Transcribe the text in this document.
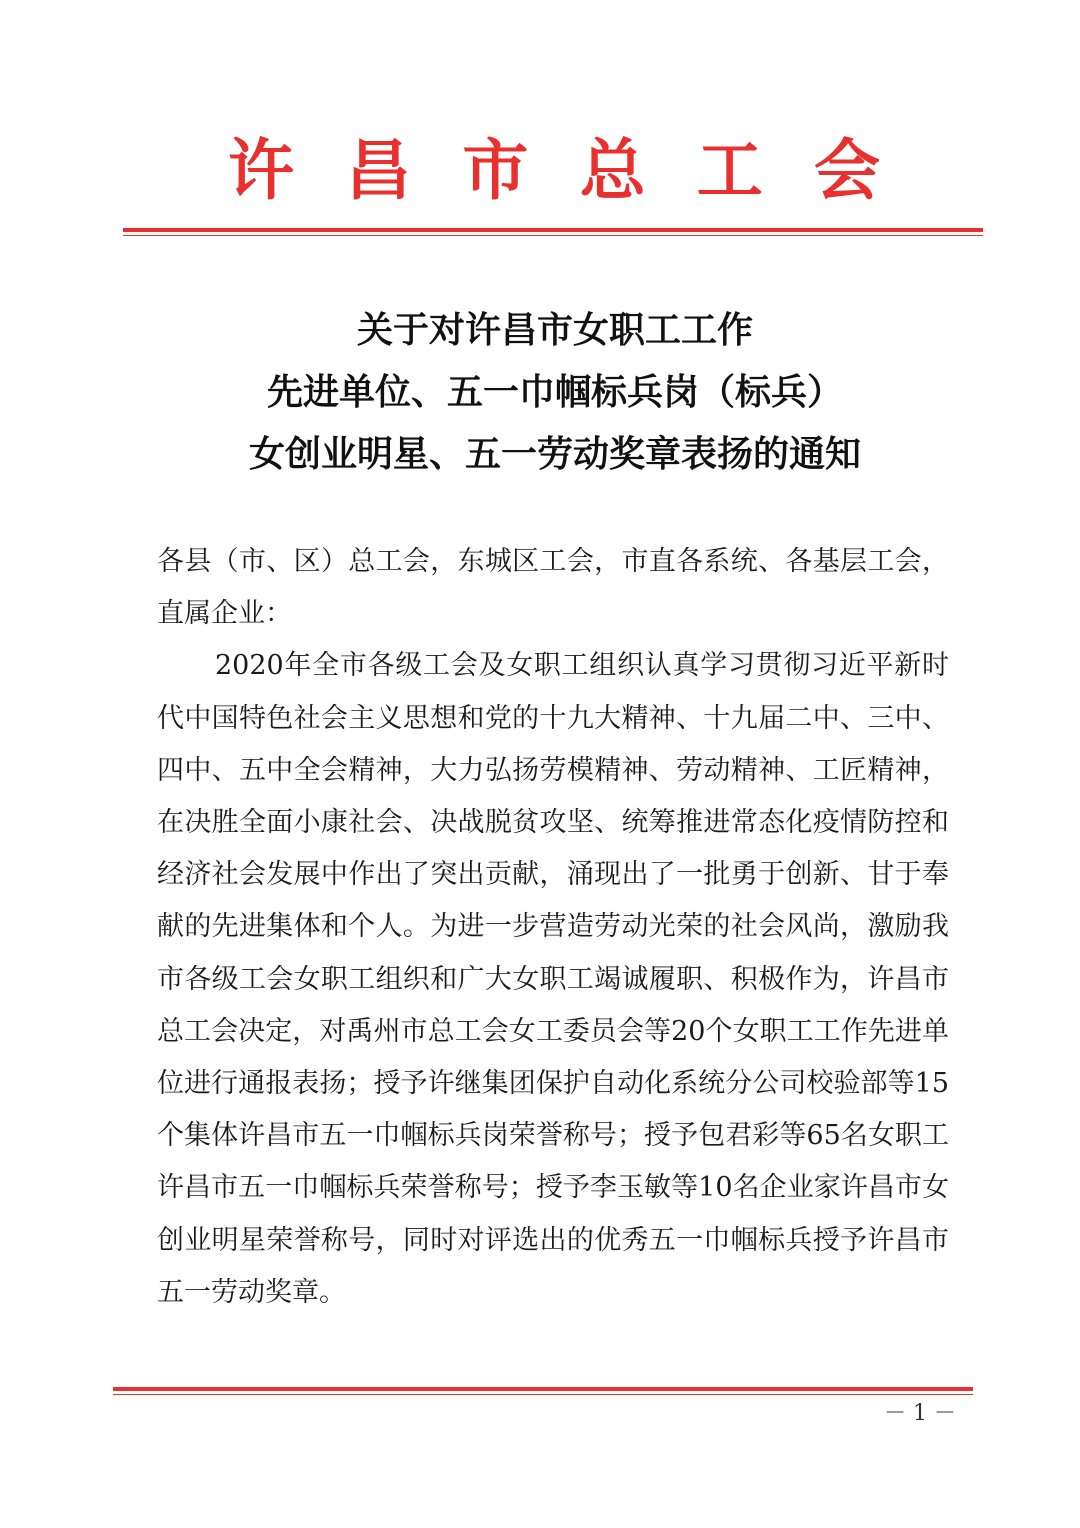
许 昌 市 总 工 会
关于对许昌市女职工工作
先进单位、五一巾帼标兵岗（标兵）
女创业明星、五一劳动奖章表扬的通知

各县（市、区）总工会，东城区工会，市直各系统、各基层工会，直属企业：

2020年全市各级工会及女职工组织认真学习贯彻习近平新时代中国特色社会主义思想和党的十九大精神、十九届二中、三中、四中、五中全会精神，大力弘扬劳模精神、劳动精神、工匠精神，在决胜全面小康社会、决战脱贫攻坚、统筹推进常态化疫情防控和经济社会发展中作出了突出贡献，涌现出了一批勇于创新、甘于奉献的先进集体和个人。为进一步营造劳动光荣的社会风尚，激励我市各级工会女职工组织和广大女职工竭诚履职、积极作为，许昌市总工会决定，对禹州市总工会女工委员会等20个女职工工作先进单位进行通报表扬；授予许继集团保护自动化系统分公司校验部等15个集体许昌市五一巾帼标兵岗荣誉称号；授予包君彩等65名女职工许昌市五一巾帼标兵荣誉称号；授予李玉敏等10名企业家许昌市女创业明星荣誉称号，同时对评选出的优秀五一巾帼标兵授予许昌市五一劳动奖章。

－ 1 －
